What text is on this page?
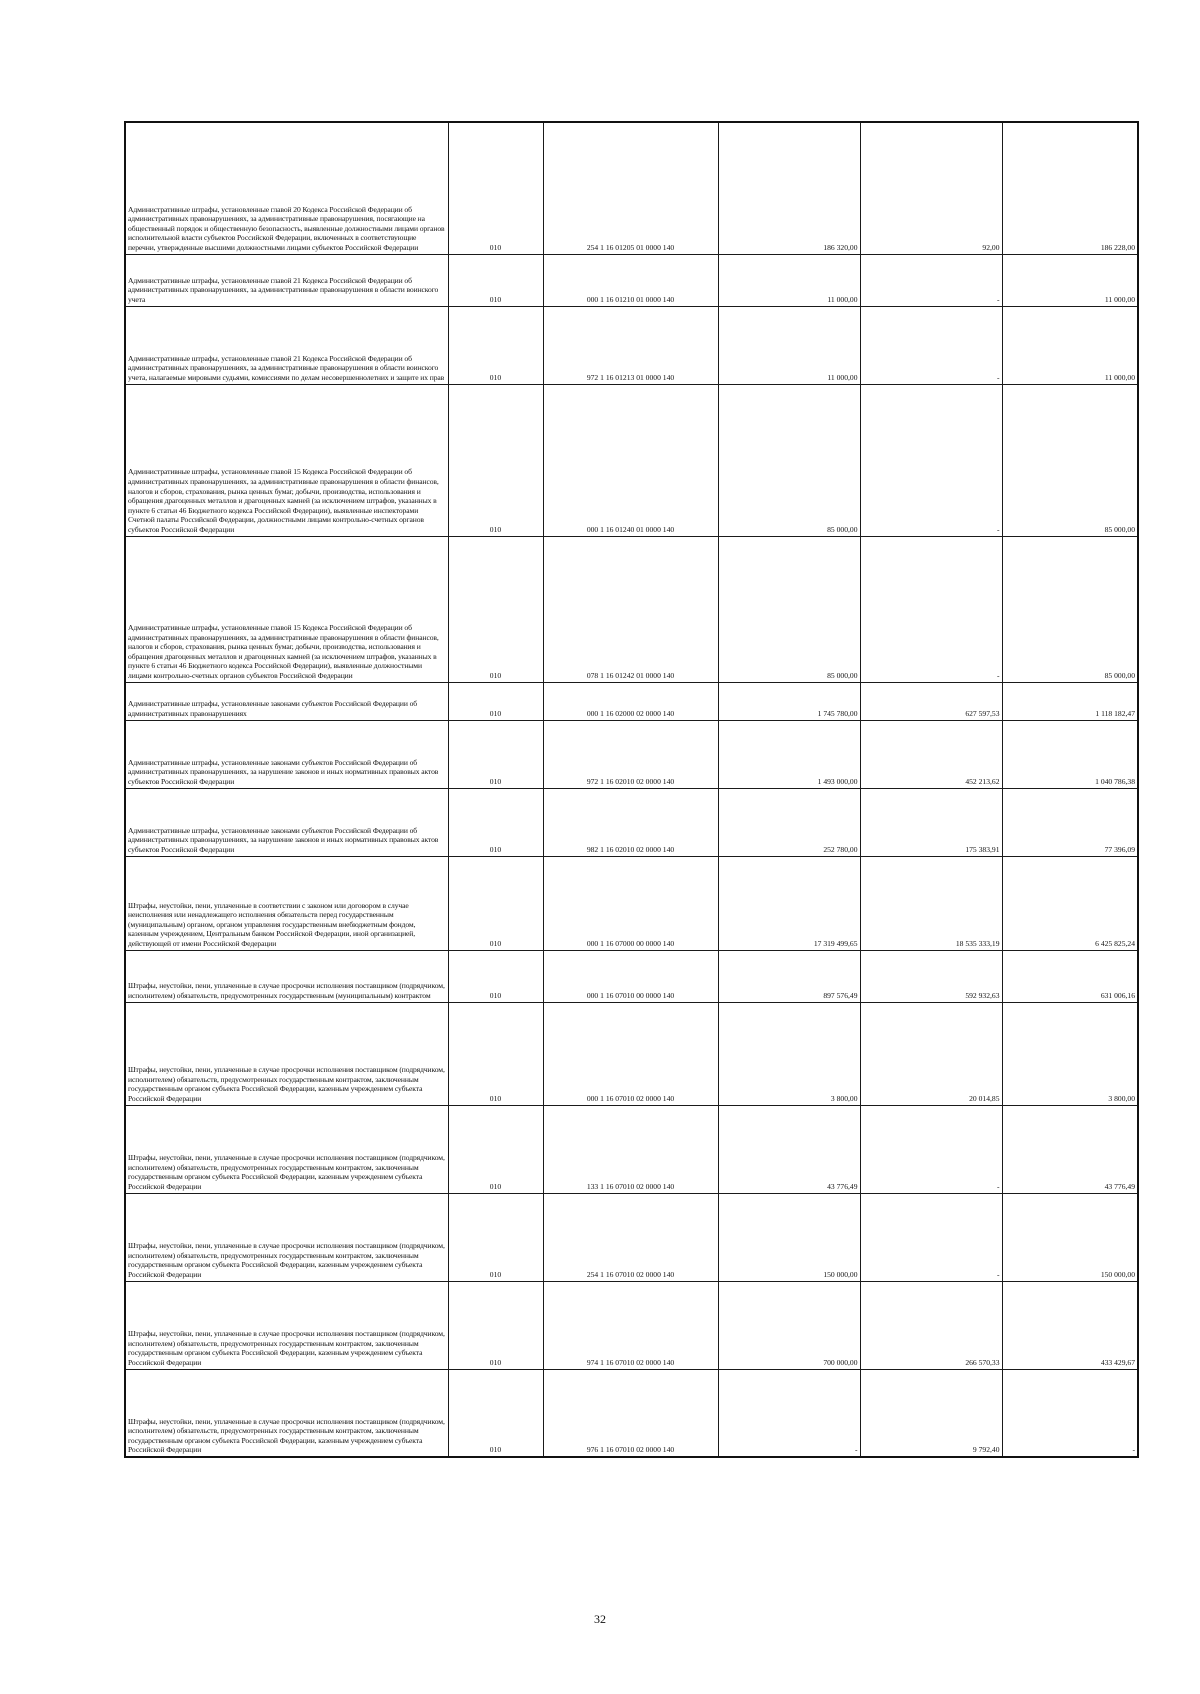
Административные штрафы, установленные главой 20 Кодекса Российской Федерации об административных правонарушениях, за административные правонарушения, посягающие на общественный порядок и общественную безопасность, выявленные должностными лицами органов исполнительной власти субъектов Российской Федерации, включенных в соответствующие перечни, утвержденные высшими должностными лицами субъектов Российской Федерации	010	254 1 16 01205 01 0000 140	186 320,00	92,00	186 228,00
Административные штрафы, установленные главой 21 Кодекса Российской Федерации об административных правонарушениях, за административные правонарушения в области воинского учета	010	000 1 16 01210 01 0000 140	11 000,00	-	11 000,00
Административные штрафы, установленные главой 21 Кодекса Российской Федерации об административных правонарушениях, за административные правонарушения в области воинского учета, налагаемые мировыми судьями, комиссиями по делам несовершеннолетних и защите их прав	010	972 1 16 01213 01 0000 140	11 000,00	-	11 000,00
Административные штрафы, установленные главой 15 Кодекса Российской Федерации об административных правонарушениях, за административные правонарушения в области финансов, налогов и сборов, страхования, рынка ценных бумаг, добычи, производства, использования и обращения драгоценных металлов и драгоценных камней (за исключением штрафов, указанных в пункте 6 статьи 46 Бюджетного кодекса Российской Федерации), выявленные инспекторами Счетной палаты Российской Федерации, должностными лицами контрольно-счетных органов субъектов Российской Федерации	010	000 1 16 01240 01 0000 140	85 000,00	-	85 000,00
Административные штрафы, установленные главой 15 Кодекса Российской Федерации об административных правонарушениях, за административные правонарушения в области финансов, налогов и сборов, страхования, рынка ценных бумаг, добычи, производства, использования и обращения драгоценных металлов и драгоценных камней (за исключением штрафов, указанных в пункте 6 статьи 46 Бюджетного кодекса Российской Федерации), выявленные должностными лицами контрольно-счетных органов субъектов Российской Федерации	010	078 1 16 01242 01 0000 140	85 000,00	-	85 000,00
Административные штрафы, установленные законами субъектов Российской Федерации об административных правонарушениях	010	000 1 16 02000 02 0000 140	1 745 780,00	627 597,53	1 118 182,47
Административные штрафы, установленные законами субъектов Российской Федерации об административных правонарушениях, за нарушение законов и иных нормативных правовых актов субъектов Российской Федерации	010	972 1 16 02010 02 0000 140	1 493 000,00	452 213,62	1 040 786,38
Административные штрафы, установленные законами субъектов Российской Федерации об административных правонарушениях, за нарушение законов и иных нормативных правовых актов субъектов Российской Федерации	010	982 1 16 02010 02 0000 140	252 780,00	175 383,91	77 396,09
Штрафы, неустойки, пени, уплаченные в соответствии с законом или договором в случае неисполнения или ненадлежащего исполнения обязательств перед государственным (муниципальным) органом, органом управления государственным внебюджетным фондом, казенным учреждением, Центральным банком Российской Федерации, иной организацией, действующей от имени Российской Федерации	010	000 1 16 07000 00 0000 140	17 319 499,65	18 535 333,19	6 425 825,24
Штрафы, неустойки, пени, уплаченные в случае просрочки исполнения поставщиком (подрядчиком, исполнителем) обязательств, предусмотренных государственным (муниципальным) контрактом	010	000 1 16 07010 00 0000 140	897 576,49	592 932,63	631 006,16
Штрафы, неустойки, пени, уплаченные в случае просрочки исполнения поставщиком (подрядчиком, исполнителем) обязательств, предусмотренных государственным контрактом, заключенным государственным органом субъекта Российской Федерации, казенным учреждением субъекта Российской Федерации	010	000 1 16 07010 02 0000 140	3 800,00	20 014,85	3 800,00
Штрафы, неустойки, пени, уплаченные в случае просрочки исполнения поставщиком (подрядчиком, исполнителем) обязательств, предусмотренных государственным контрактом, заключенным государственным органом субъекта Российской Федерации, казенным учреждением субъекта Российской Федерации	010	133 1 16 07010 02 0000 140	43 776,49	-	43 776,49
Штрафы, неустойки, пени, уплаченные в случае просрочки исполнения поставщиком (подрядчиком, исполнителем) обязательств, предусмотренных государственным контрактом, заключенным государственным органом субъекта Российской Федерации, казенным учреждением субъекта Российской Федерации	010	254 1 16 07010 02 0000 140	150 000,00	-	150 000,00
Штрафы, неустойки, пени, уплаченные в случае просрочки исполнения поставщиком (подрядчиком, исполнителем) обязательств, предусмотренных государственным контрактом, заключенным государственным органом субъекта Российской Федерации, казенным учреждением субъекта Российской Федерации	010	974 1 16 07010 02 0000 140	700 000,00	266 570,33	433 429,67
Штрафы, неустойки, пени, уплаченные в случае просрочки исполнения поставщиком (подрядчиком, исполнителем) обязательств, предусмотренных государственным контрактом, заключенным государственным органом субъекта Российской Федерации, казенным учреждением субъекта Российской Федерации	010	976 1 16 07010 02 0000 140	-	9 792,40	-
32
